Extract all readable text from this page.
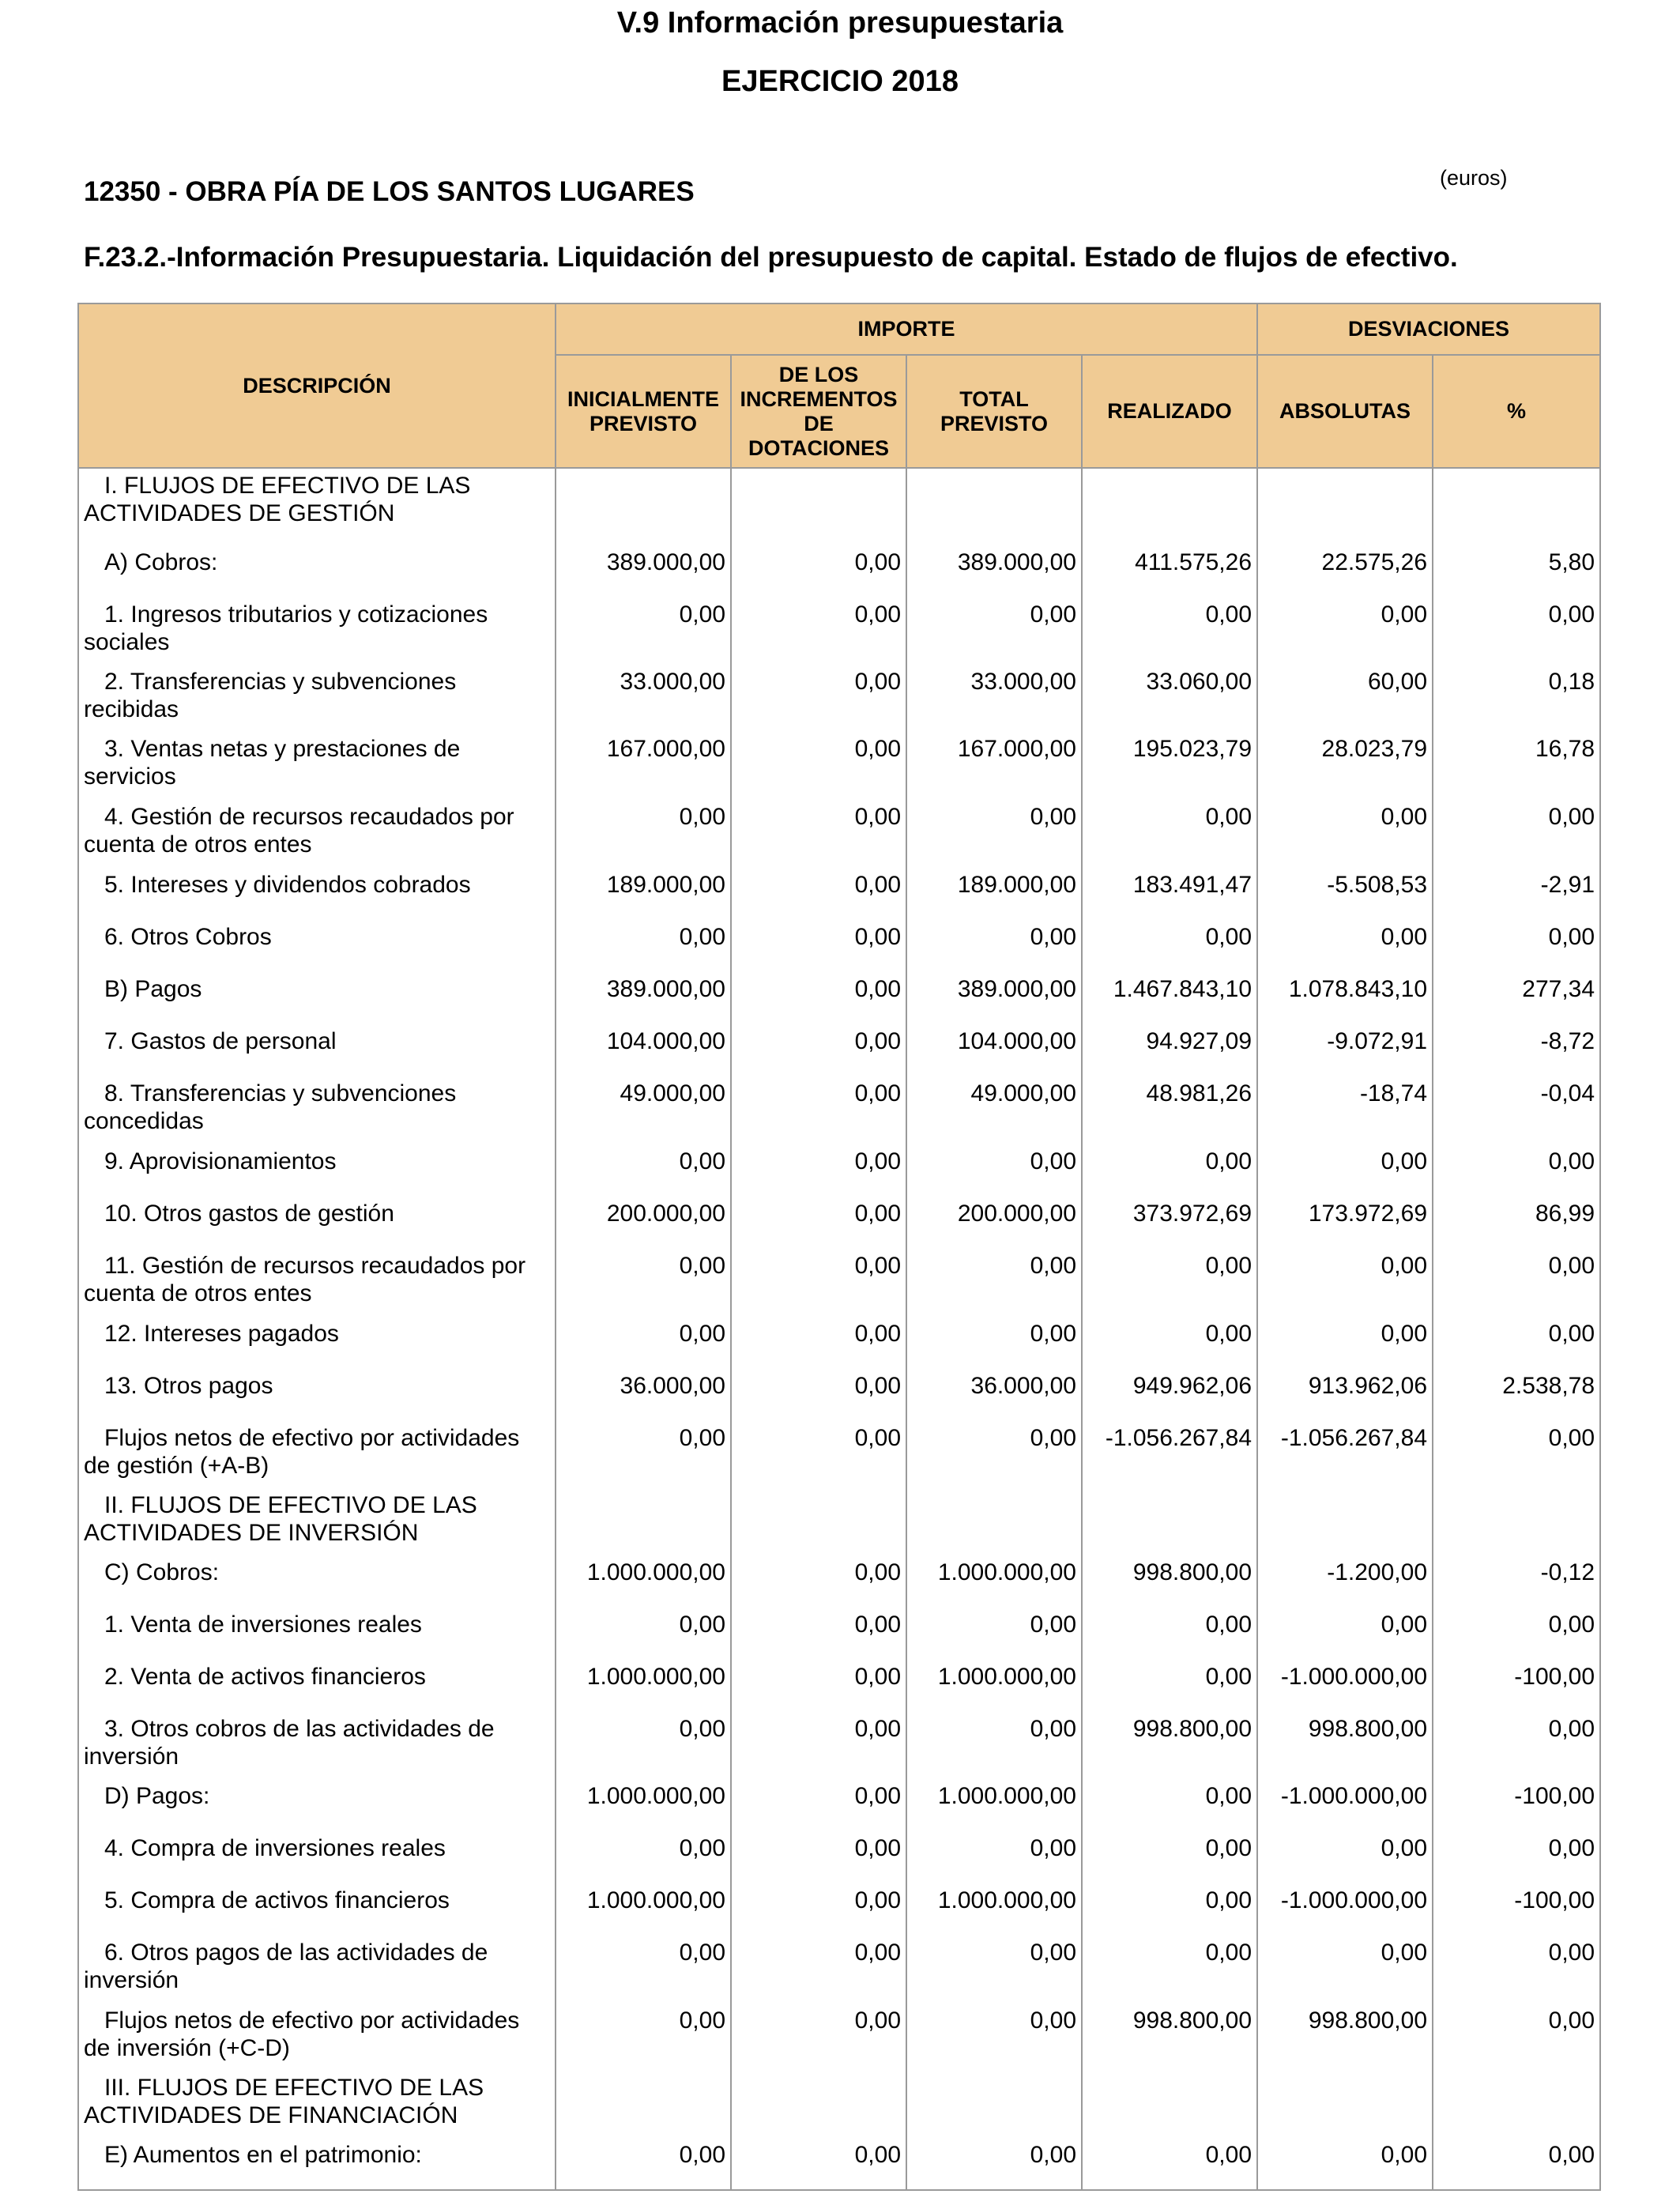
V.9 Información presupuestaria
EJERCICIO 2018
(euros)
12350 - OBRA PÍA DE LOS SANTOS LUGARES
F.23.2.-Información Presupuestaria. Liquidación del presupuesto de capital. Estado de flujos de efectivo.
DESCRIPCIÓN	IMPORTE				DESVIACIONES	
	INICIALMENTE PREVISTO	DE LOS INCREMENTOS DE DOTACIONES	TOTAL PREVISTO	REALIZADO	ABSOLUTAS	%
I. FLUJOS DE EFECTIVO DE LAS ACTIVIDADES DE GESTIÓN						
A) Cobros:	389.000,00	0,00	389.000,00	411.575,26	22.575,26	5,80
1. Ingresos tributarios y cotizaciones sociales	0,00	0,00	0,00	0,00	0,00	0,00
2. Transferencias y subvenciones recibidas	33.000,00	0,00	33.000,00	33.060,00	60,00	0,18
3. Ventas netas y prestaciones de servicios	167.000,00	0,00	167.000,00	195.023,79	28.023,79	16,78
4. Gestión de recursos recaudados por cuenta de otros entes	0,00	0,00	0,00	0,00	0,00	0,00
5. Intereses y dividendos cobrados	189.000,00	0,00	189.000,00	183.491,47	-5.508,53	-2,91
6. Otros Cobros	0,00	0,00	0,00	0,00	0,00	0,00
B) Pagos	389.000,00	0,00	389.000,00	1.467.843,10	1.078.843,10	277,34
7. Gastos de personal	104.000,00	0,00	104.000,00	94.927,09	-9.072,91	-8,72
8. Transferencias y subvenciones concedidas	49.000,00	0,00	49.000,00	48.981,26	-18,74	-0,04
9. Aprovisionamientos	0,00	0,00	0,00	0,00	0,00	0,00
10. Otros gastos de gestión	200.000,00	0,00	200.000,00	373.972,69	173.972,69	86,99
11. Gestión de recursos recaudados por cuenta de otros entes	0,00	0,00	0,00	0,00	0,00	0,00
12. Intereses pagados	0,00	0,00	0,00	0,00	0,00	0,00
13. Otros pagos	36.000,00	0,00	36.000,00	949.962,06	913.962,06	2.538,78
Flujos netos de efectivo por actividades de gestión (+A-B)	0,00	0,00	0,00	-1.056.267,84	-1.056.267,84	0,00
II. FLUJOS DE EFECTIVO DE LAS ACTIVIDADES DE INVERSIÓN						
C) Cobros:	1.000.000,00	0,00	1.000.000,00	998.800,00	-1.200,00	-0,12
1. Venta de inversiones reales	0,00	0,00	0,00	0,00	0,00	0,00
2. Venta de activos financieros	1.000.000,00	0,00	1.000.000,00	0,00	-1.000.000,00	-100,00
3. Otros cobros de las actividades de inversión	0,00	0,00	0,00	998.800,00	998.800,00	0,00
D) Pagos:	1.000.000,00	0,00	1.000.000,00	0,00	-1.000.000,00	-100,00
4. Compra de inversiones reales	0,00	0,00	0,00	0,00	0,00	0,00
5. Compra de activos financieros	1.000.000,00	0,00	1.000.000,00	0,00	-1.000.000,00	-100,00
6. Otros pagos de las actividades de inversión	0,00	0,00	0,00	0,00	0,00	0,00
Flujos netos de efectivo por actividades de inversión (+C-D)	0,00	0,00	0,00	998.800,00	998.800,00	0,00
III. FLUJOS DE EFECTIVO DE LAS ACTIVIDADES DE FINANCIACIÓN						
E) Aumentos en el patrimonio:	0,00	0,00	0,00	0,00	0,00	0,00
